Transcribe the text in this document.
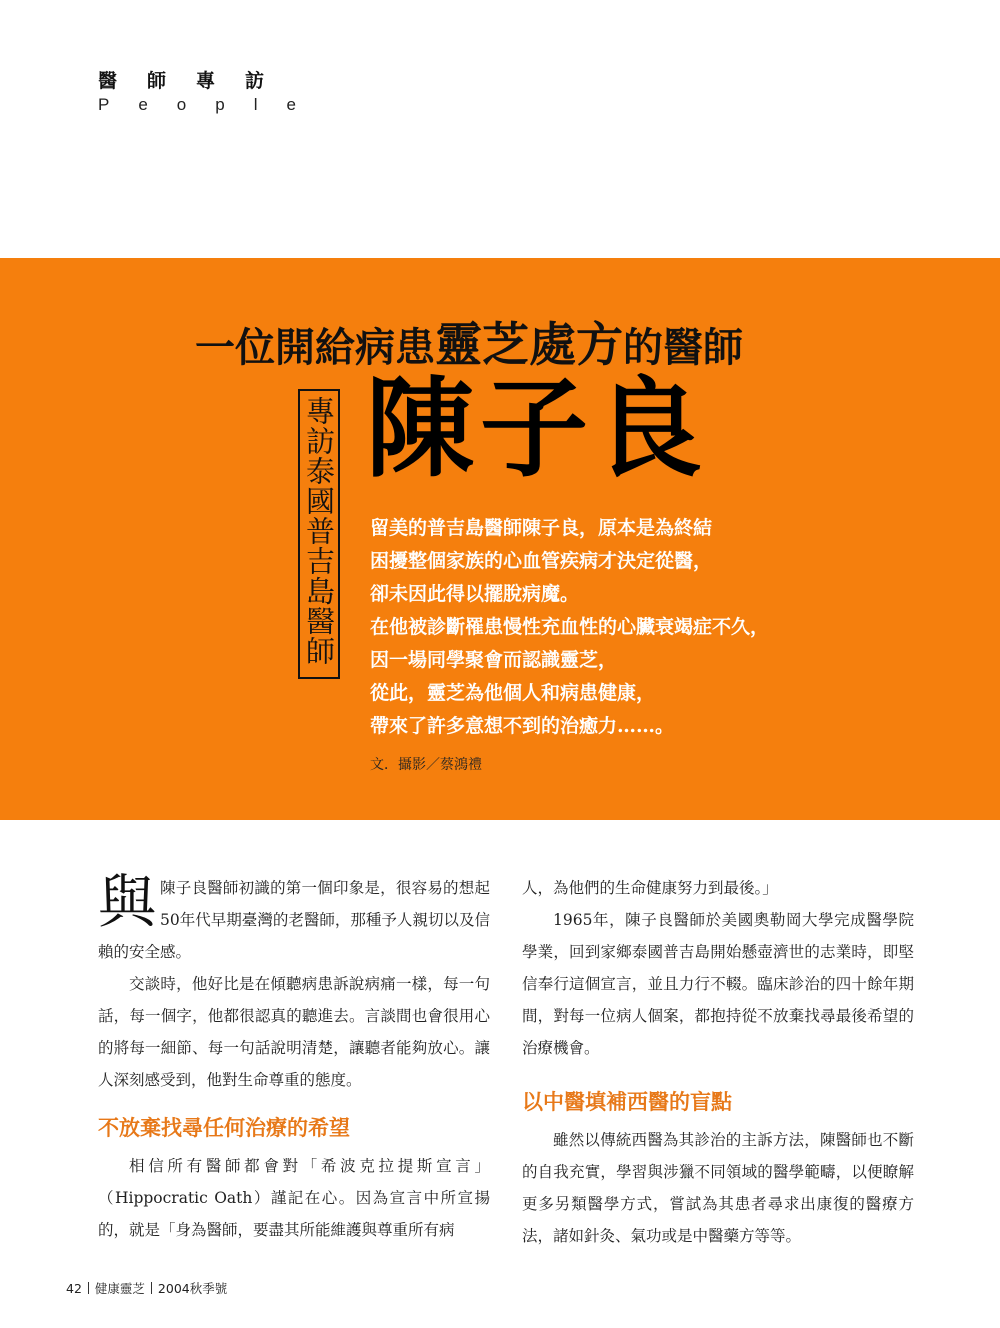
醫師專訪
People
一位開給病患靈芝處方的醫師
專訪泰國普吉島醫師 陳子良

留美的普吉島醫師陳子良，原本是為終結

困擾整個家族的心血管疾病才決定從醫，

卻未因此得以擺脫病魔。

在他被診斷罹患慢性充血性的心臟衰竭症不久，

因一場同學聚會而認識靈芝，

從此，靈芝為他個人和病患健康，

帶來了許多意想不到的治癒力……。

文．攝影／蔡鴻禮

與陳子良醫師初識的第一個印象是，很容易的想起50年代早期臺灣的老醫師，那種予人親切以及信賴的安全感。

交談時，他好比是在傾聽病患訴說病痛一樣，每一句話，每一個字，他都很認真的聽進去。言談間也會很用心的將每一細節、每一句話說明清楚，讓聽者能夠放心。讓人深刻感受到，他對生命尊重的態度。

不放棄找尋任何治療的希望

相信所有醫師都會對「希波克拉提斯宣言」（Hippocratic Oath）謹記在心。因為宣言中所宣揚的，就是「身為醫師，要盡其所能維護與尊重所有病

人，為他們的生命健康努力到最後。」

1965年，陳子良醫師於美國奧勒岡大學完成醫學院學業，回到家鄉泰國普吉島開始懸壺濟世的志業時，即堅信奉行這個宣言，並且力行不輟。臨床診治的四十餘年期間，對每一位病人個案，都抱持從不放棄找尋最後希望的治療機會。

以中醫填補西醫的盲點

雖然以傳統西醫為其診治的主訴方法，陳醫師也不斷的自我充實，學習與涉獵不同領域的醫學範疇，以便瞭解更多另類醫學方式，嘗試為其患者尋求出康復的醫療方法，諸如針灸、氣功或是中醫藥方等等。

42 健康靈芝 2004秋季號
